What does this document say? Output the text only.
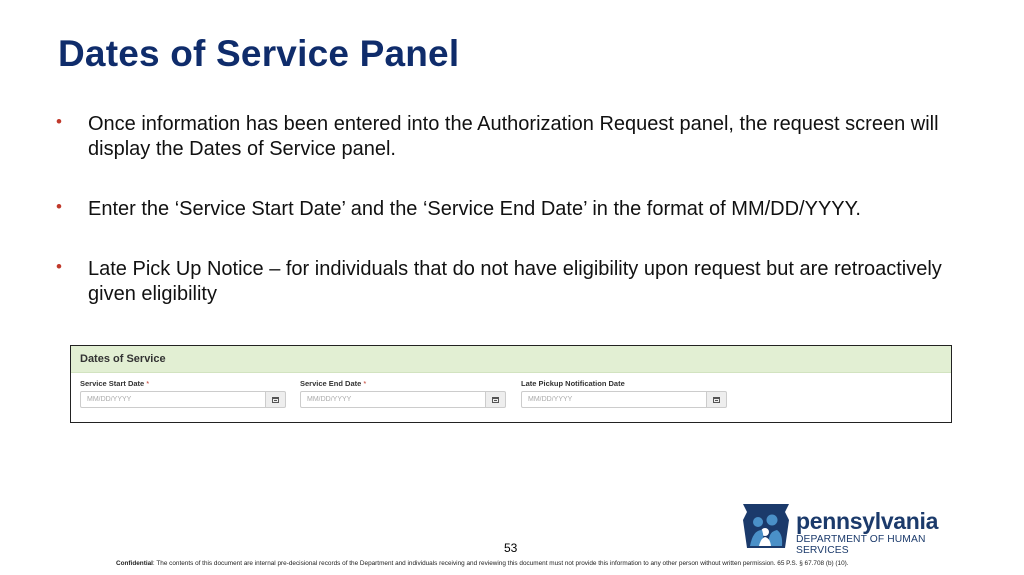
Dates of Service Panel
• Once information has been entered into the Authorization Request panel, the request screen will display the Dates of Service panel.
• Enter the ‘Service Start Date’ and the ‘Service End Date’ in the format of MM/DD/YYYY.
• Late Pick Up Notice – for individuals that do not have eligibility upon request but are retroactively given eligibility
Dates of Service
Service Start Date *
MM/DD/YYYY	Service End Date *
MM/DD/YYYY	Late Pickup Notification Date
MM/DD/YYYY
pennsylvania
DEPARTMENT OF HUMAN SERVICES
53
Confidential: The contents of this document are internal pre-decisional records of the Department and individuals receiving and reviewing this document must not provide this information to any other person without written permission. 65 P.S. § 67.708 (b) (10).
